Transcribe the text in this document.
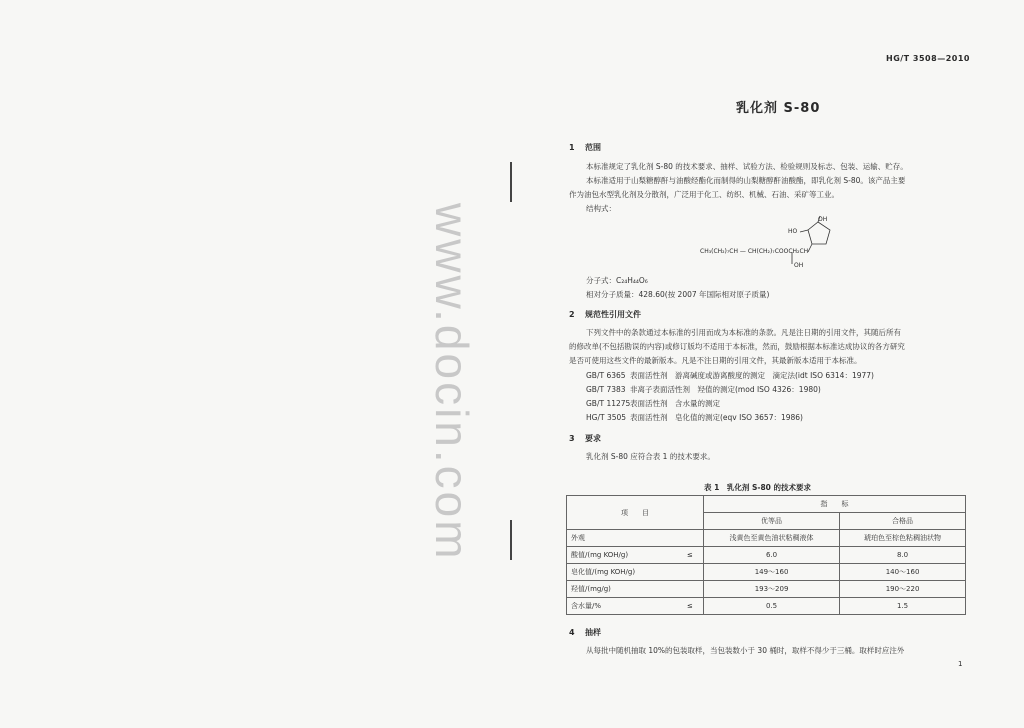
www.docin.com
HG/T 3508—2010
乳化剂 S-80
1 范围
本标准规定了乳化剂 S-80 的技术要求、抽样、试验方法、检验规则及标志、包装、运输、贮存。
本标准适用于山梨糖醇酐与油酸经酯化而制得的山梨糖醇酐油酸酯，即乳化剂 S-80。该产品主要
作为油包水型乳化剂及分散剂，广泛用于化工、纺织、机械、石油、采矿等工业。
结构式：
OH
HO
CH₃(CH₂)₇CH — CH(CH₂)₇COOCH₂CH
OH
分子式：C₂₄H₄₄O₆
相对分子质量：428.60(按 2007 年国际相对原子质量)
2 规范性引用文件
下列文件中的条款通过本标准的引用而成为本标准的条款。凡是注日期的引用文件，其随后所有
的修改单(不包括勘误的内容)或修订版均不适用于本标准，然而，鼓励根据本标准达成协议的各方研究
是否可使用这些文件的最新版本。凡是不注日期的引用文件，其最新版本适用于本标准。
GB/T 6365 表面活性剂　游离碱度或游离酸度的测定　滴定法(idt ISO 6314：1977)
GB/T 7383 非离子表面活性剂　羟值的测定(mod ISO 4326：1980)
GB/T 11275表面活性剂　含水量的测定
HG/T 3505 表面活性剂　皂化值的测定(eqv ISO 3657：1986)
3 要求
乳化剂 S-80 应符合表 1 的技术要求。
表 1　乳化剂 S-80 的技术要求
项　　目		指　　标	
		优等品	合格品
外观		浅黄色至黄色油状粘稠液体	琥珀色至棕色粘稠油状物
酸值/(mg KOH/g)	≤	6.0	8.0
皂化值/(mg KOH/g)		149～160	140～160
羟值/(mg/g)		193～209	190～220
含水量/%	≤	0.5	1.5
4 抽样
从每批中随机抽取 10%的包装取样，当包装数小于 30 桶时，取样不得少于三桶。取样时应注外
1
